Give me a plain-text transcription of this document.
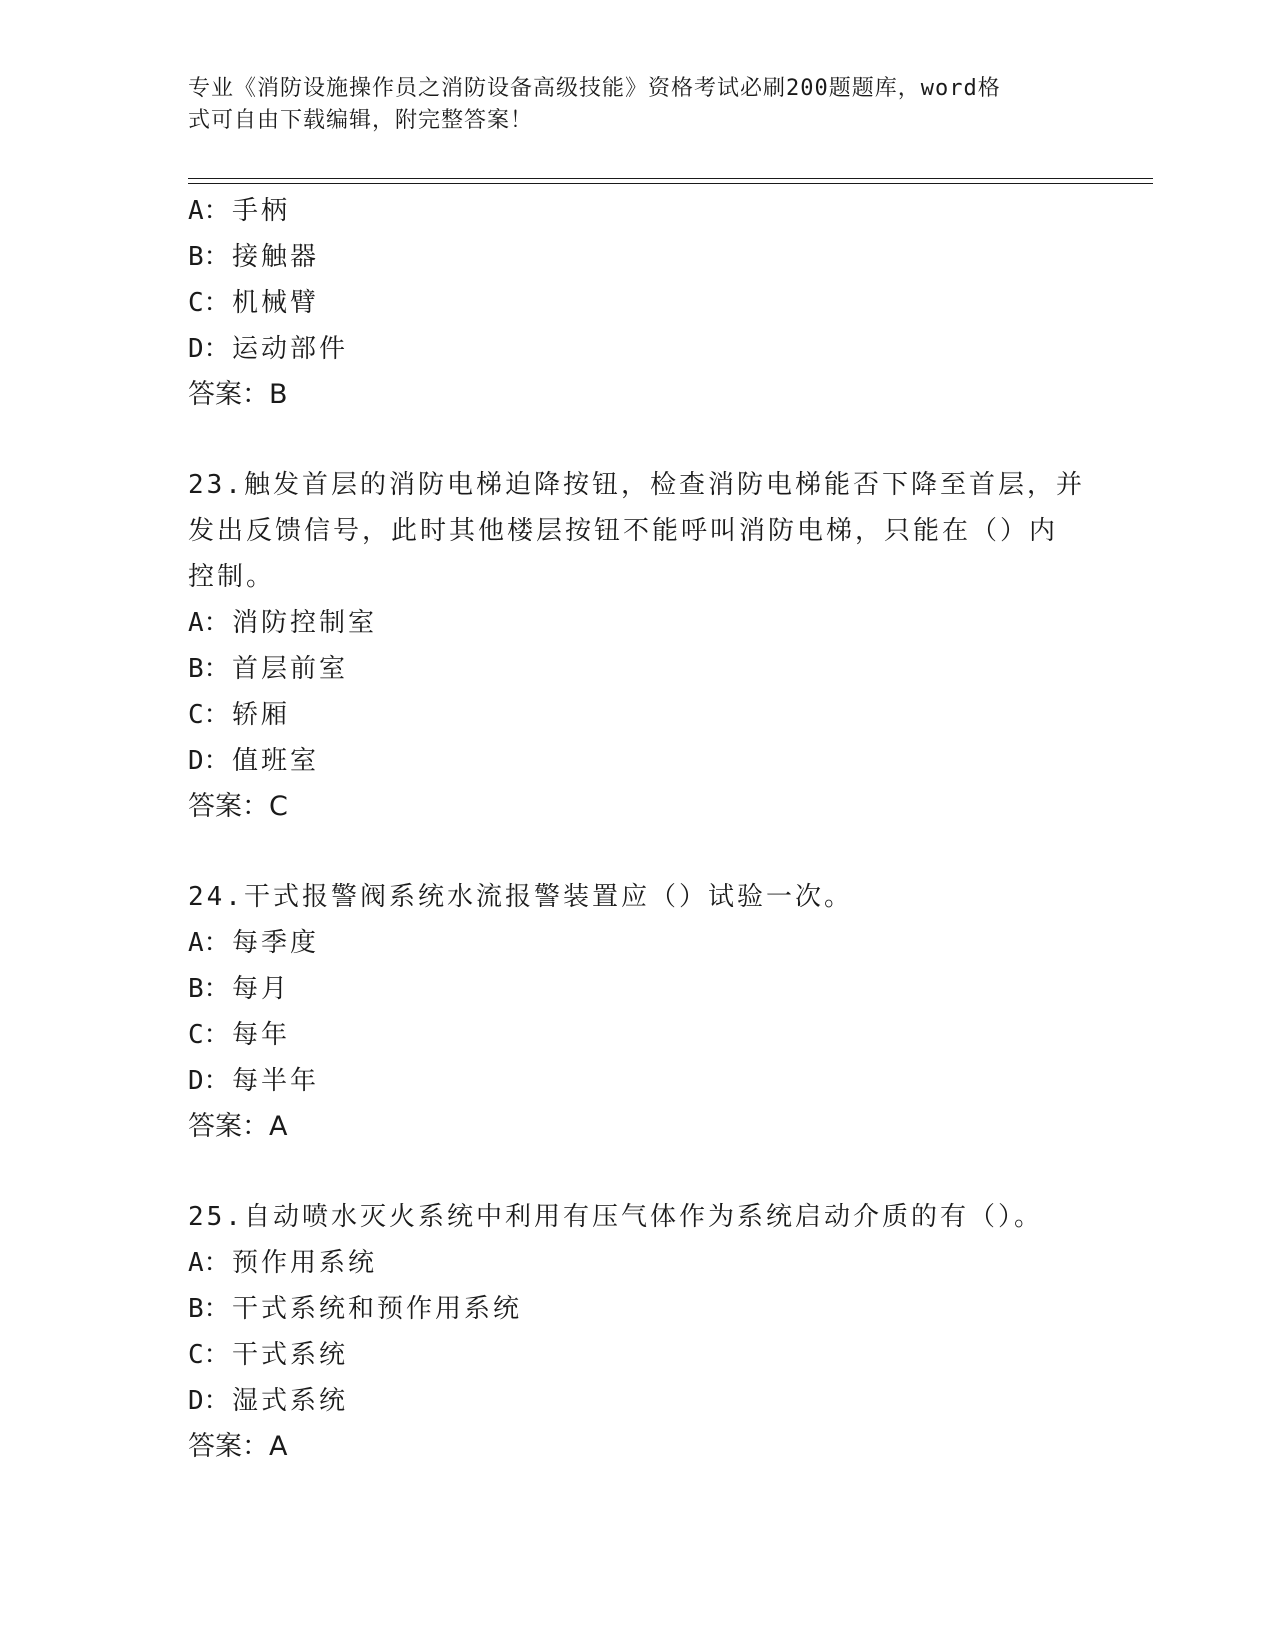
专业《消防设施操作员之消防设备高级技能》资格考试必刷200题题库，word格
式可自由下载编辑，附完整答案！
A： 手柄
B： 接触器
C： 机械臂
D： 运动部件
答案：B
23.触发首层的消防电梯迫降按钮，检查消防电梯能否下降至首层，并
发出反馈信号，此时其他楼层按钮不能呼叫消防电梯，只能在（）内
控制。
A： 消防控制室
B： 首层前室
C： 轿厢
D： 值班室
答案：C
24.干式报警阀系统水流报警装置应（）试验一次。
A： 每季度
B： 每月
C： 每年
D： 每半年
答案：A
25.自动喷水灭火系统中利用有压气体作为系统启动介质的有（）。
A： 预作用系统
B： 干式系统和预作用系统
C： 干式系统
D： 湿式系统
答案：A
